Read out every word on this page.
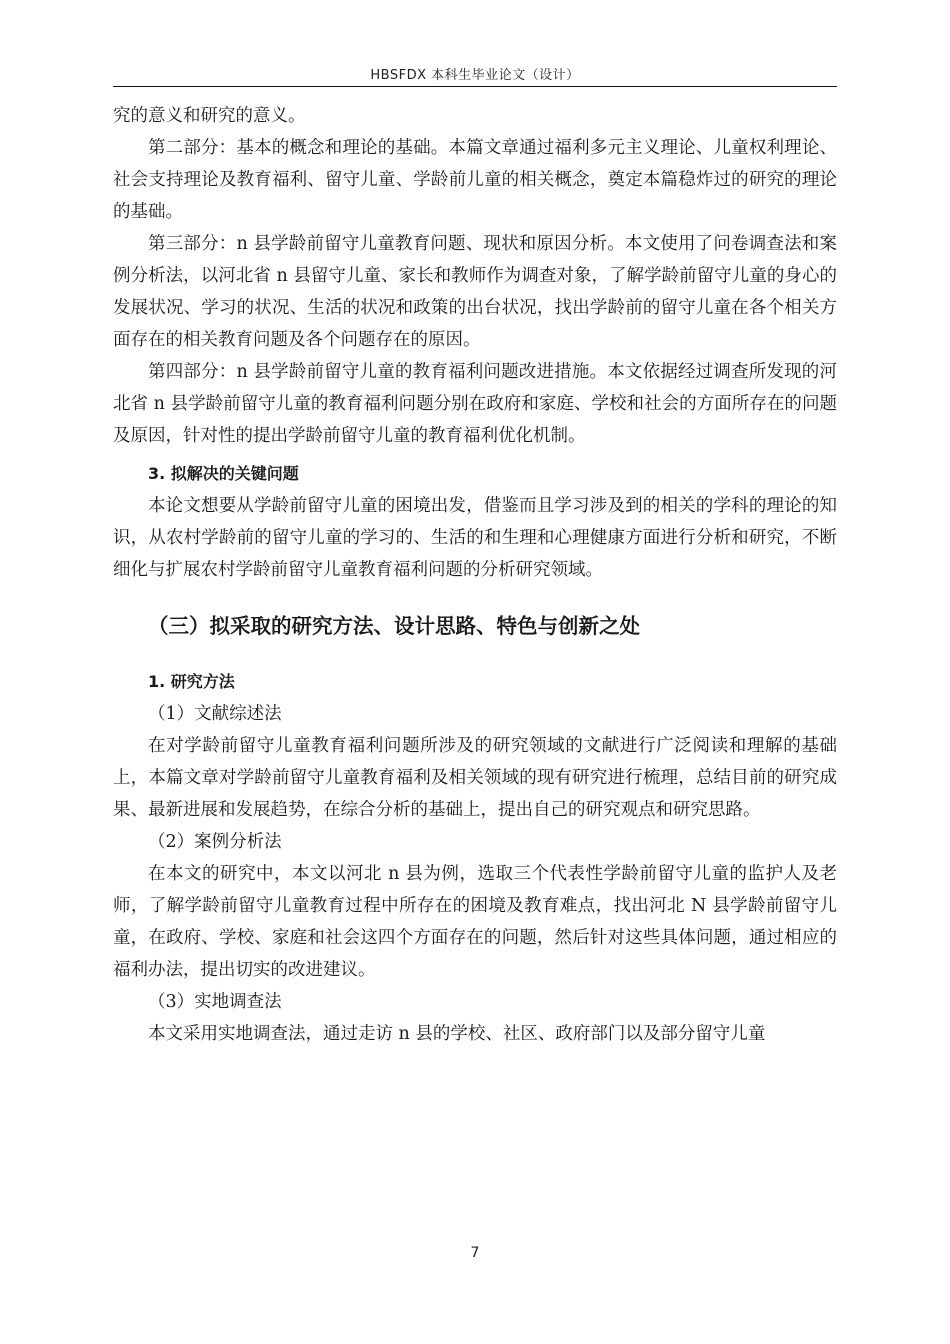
HBSFDX 本科生毕业论文（设计）

究的意义和研究的意义。

第二部分：基本的概念和理论的基础。本篇文章通过福利多元主义理论、儿童权利理论、社会支持理论及教育福利、留守儿童、学龄前儿童的相关概念，奠定本篇稳炸过的研究的理论的基础。

第三部分：n 县学龄前留守儿童教育问题、现状和原因分析。本文使用了问卷调查法和案例分析法，以河北省 n 县留守儿童、家长和教师作为调查对象，了解学龄前留守儿童的身心的发展状况、学习的状况、生活的状况和政策的出台状况，找出学龄前的留守儿童在各个相关方面存在的相关教育问题及各个问题存在的原因。

第四部分：n 县学龄前留守儿童的教育福利问题改进措施。本文依据经过调查所发现的河北省 n 县学龄前留守儿童的教育福利问题分别在政府和家庭、学校和社会的方面所存在的问题及原因，针对性的提出学龄前留守儿童的教育福利优化机制。

3. 拟解决的关键问题

本论文想要从学龄前留守儿童的困境出发，借鉴而且学习涉及到的相关的学科的理论的知识，从农村学龄前的留守儿童的学习的、生活的和生理和心理健康方面进行分析和研究，不断细化与扩展农村学龄前留守儿童教育福利问题的分析研究领域。

（三）拟采取的研究方法、设计思路、特色与创新之处

1. 研究方法

（1）文献综述法

在对学龄前留守儿童教育福利问题所涉及的研究领域的文献进行广泛阅读和理解的基础上，本篇文章对学龄前留守儿童教育福利及相关领域的现有研究进行梳理，总结目前的研究成果、最新进展和发展趋势，在综合分析的基础上，提出自己的研究观点和研究思路。

（2）案例分析法

在本文的研究中，本文以河北 n 县为例，选取三个代表性学龄前留守儿童的监护人及老师，了解学龄前留守儿童教育过程中所存在的困境及教育难点，找出河北 N 县学龄前留守儿童，在政府、学校、家庭和社会这四个方面存在的问题，然后针对这些具体问题，通过相应的福利办法，提出切实的改进建议。

（3）实地调查法

本文采用实地调查法，通过走访 n 县的学校、社区、政府部门以及部分留守儿童

7
